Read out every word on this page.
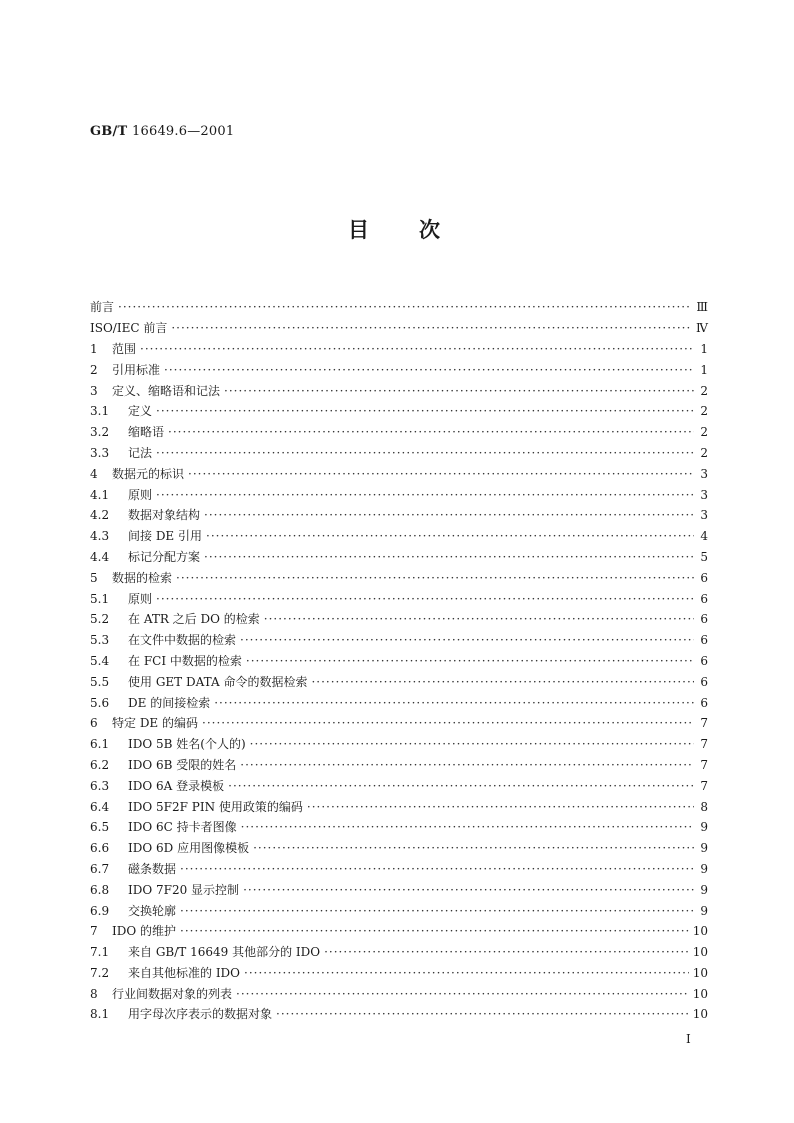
GB/T 16649.6—2001
目 次
前言 ·····	Ⅲ
ISO/IEC 前言 ·····	Ⅳ
1	范围 ·····	1
2	引用标准 ·····	1
3	定义、缩略语和记法 ·····	2
3.1	定义 ·····	2
3.2	缩略语 ·····	2
3.3	记法 ·····	2
4	数据元的标识 ·····	3
4.1	原则 ·····	3
4.2	数据对象结构 ·····	3
4.3	间接 DE 引用 ·····	4
4.4	标记分配方案 ·····	5
5	数据的检索 ·····	6
5.1	原则 ·····	6
5.2	在 ATR 之后 DO 的检索 ·····	6
5.3	在文件中数据的检索 ·····	6
5.4	在 FCI 中数据的检索 ·····	6
5.5	使用 GET DATA 命令的数据检索 ·····	6
5.6	DE 的间接检索 ·····	6
6	特定 DE 的编码 ·····	7
6.1	IDO 5B 姓名(个人的) ·····	7
6.2	IDO 6B 受限的姓名 ·····	7
6.3	IDO 6A 登录模板 ·····	7
6.4	IDO 5F2F PIN 使用政策的编码 ·····	8
6.5	IDO 6C 持卡者图像 ·····	9
6.6	IDO 6D 应用图像模板 ·····	9
6.7	磁条数据 ·····	9
6.8	IDO 7F20 显示控制 ·····	9
6.9	交换轮廓 ·····	9
7	IDO 的维护 ·····	10
7.1	来自 GB/T 16649 其他部分的 IDO ·····	10
7.2	来自其他标准的 IDO ·····	10
8	行业间数据对象的列表 ·····	10
8.1	用字母次序表示的数据对象 ·····	10
I
